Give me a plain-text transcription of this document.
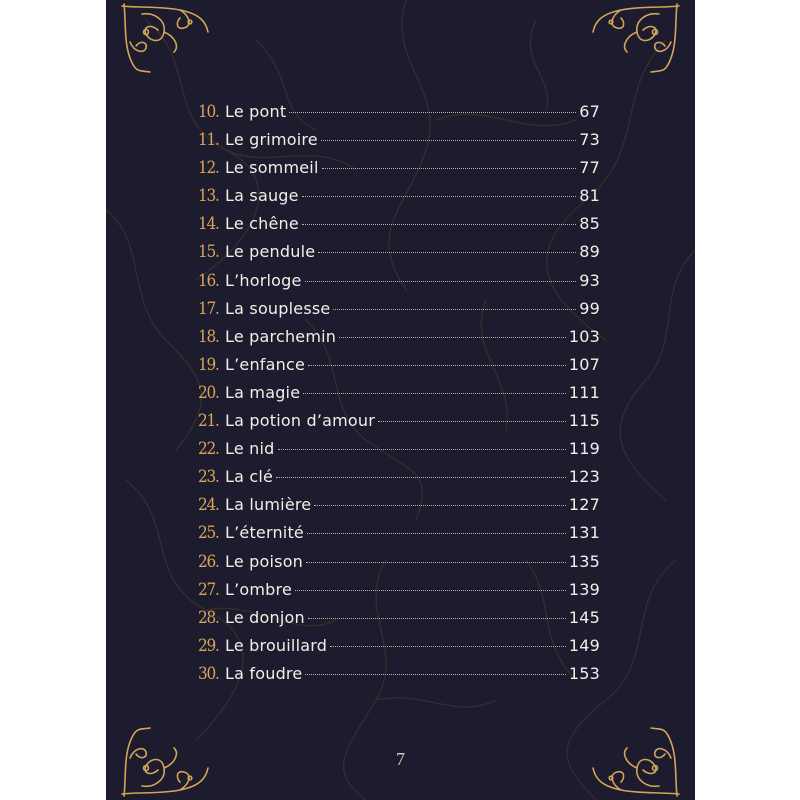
10. Le pont	67
11. Le grimoire	73
12. Le sommeil	77
13. La sauge	81
14. Le chêne	85
15. Le pendule	89
16. L’horloge	93
17. La souplesse	99
18. Le parchemin	103
19. L’enfance	107
20. La magie	111
21. La potion d’amour	115
22. Le nid	119
23. La clé	123
24. La lumière	127
25. L’éternité	131
26. Le poison	135
27. L’ombre	139
28. Le donjon	145
29. Le brouillard	149
30. La foudre	153
7
